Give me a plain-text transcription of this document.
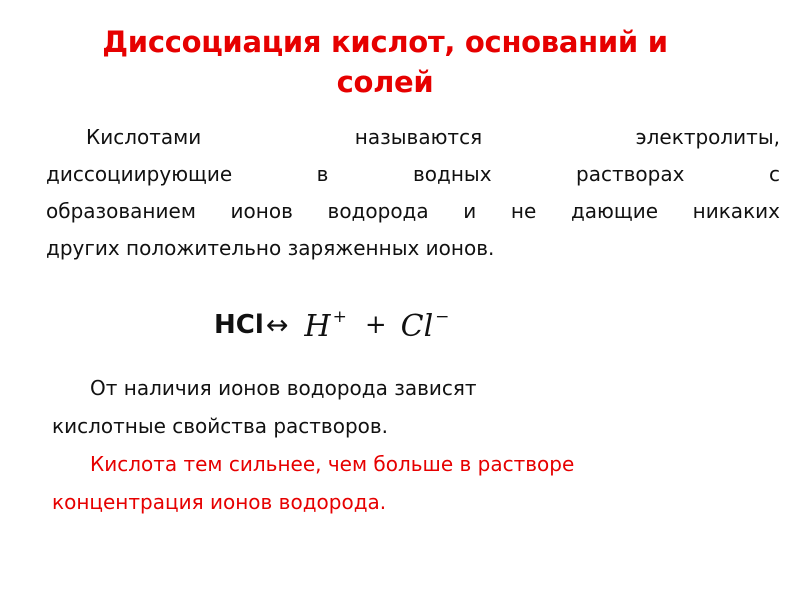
Диссоциация кислот, оснований и
солей
Кислотами	называются	электролиты,
диссоциирующие	в	водных	растворах	с
образованием ионов водорода и не дающие никаких
других положительно заряженных ионов.
HCl ↔ H + + Cl −
От наличия ионов водорода зависят
кислотные свойства растворов.
Кислота тем сильнее, чем больше в растворе
концентрация ионов водорода.
